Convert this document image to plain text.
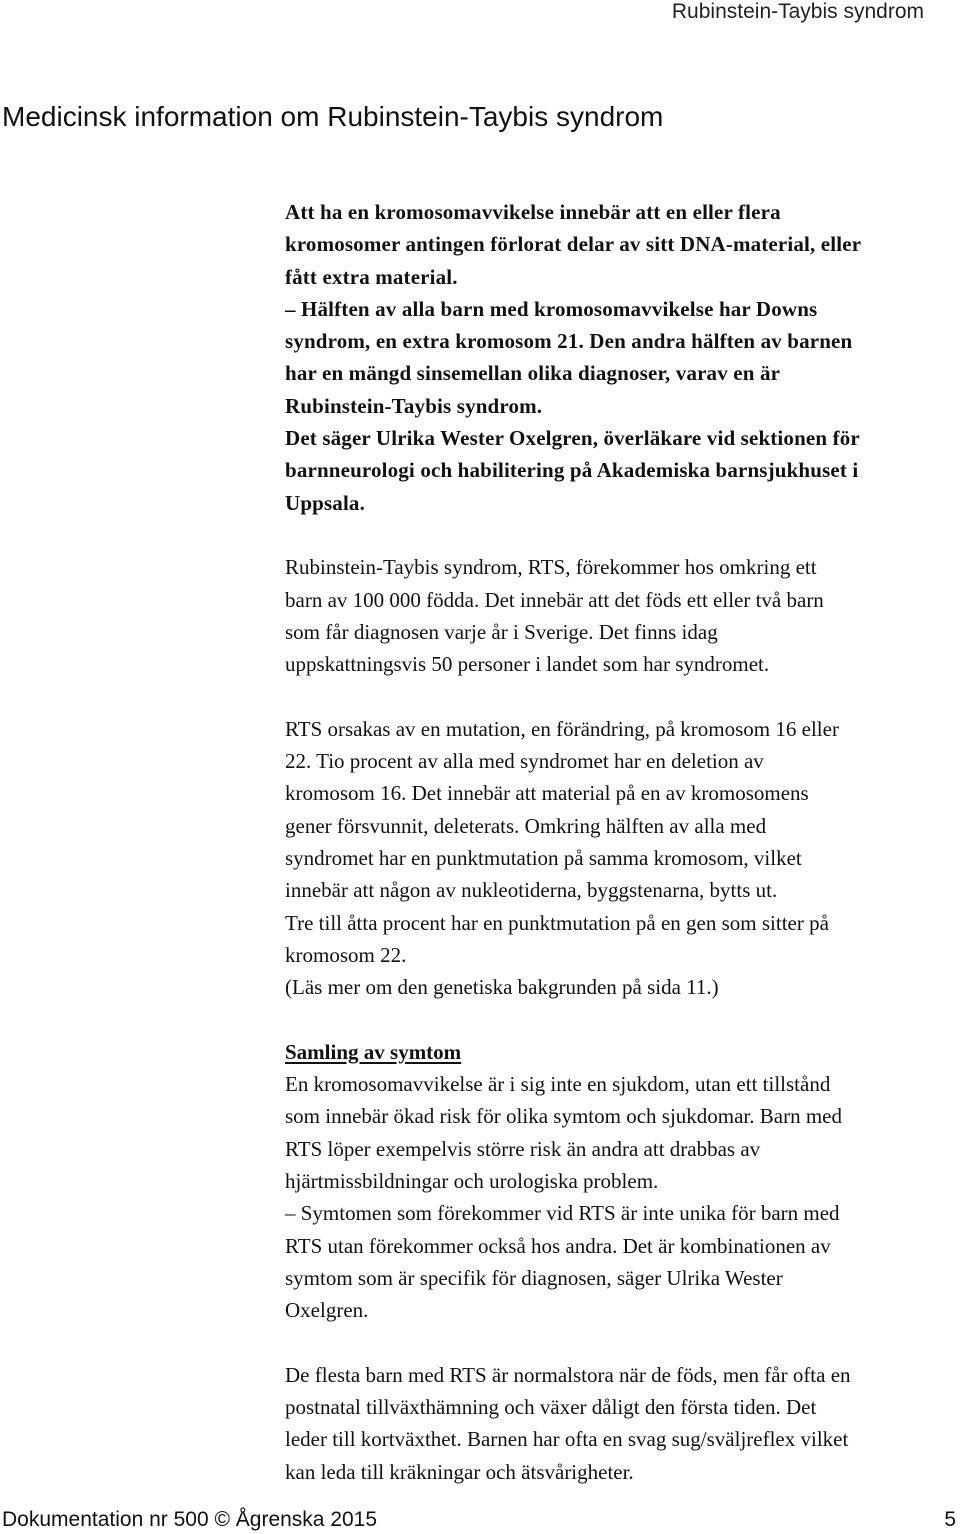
Rubinstein-Taybis syndrom
Medicinsk information om Rubinstein-Taybis syndrom

Att ha en kromosomavvikelse innebär att en eller flera

kromosomer antingen förlorat delar av sitt DNA-material, eller

fått extra material.

– Hälften av alla barn med kromosomavvikelse har Downs

syndrom, en extra kromosom 21. Den andra hälften av barnen

har en mängd sinsemellan olika diagnoser, varav en är

Rubinstein-Taybis syndrom.

Det säger Ulrika Wester Oxelgren, överläkare vid sektionen för

barnneurologi och habilitering på Akademiska barnsjukhuset i

Uppsala.

Rubinstein-Taybis syndrom, RTS, förekommer hos omkring ett

barn av 100 000 födda. Det innebär att det föds ett eller två barn

som får diagnosen varje år i Sverige. Det finns idag

uppskattningsvis 50 personer i landet som har syndromet.

RTS orsakas av en mutation, en förändring, på kromosom 16 eller

22. Tio procent av alla med syndromet har en deletion av

kromosom 16. Det innebär att material på en av kromosomens

gener försvunnit, deleterats. Omkring hälften av alla med

syndromet har en punktmutation på samma kromosom, vilket

innebär att någon av nukleotiderna, byggstenarna, bytts ut.

Tre till åtta procent har en punktmutation på en gen som sitter på

kromosom 22.

(Läs mer om den genetiska bakgrunden på sida 11.)

Samling av symtom

En kromosomavvikelse är i sig inte en sjukdom, utan ett tillstånd

som innebär ökad risk för olika symtom och sjukdomar. Barn med

RTS löper exempelvis större risk än andra att drabbas av

hjärtmissbildningar och urologiska problem.

– Symtomen som förekommer vid RTS är inte unika för barn med

RTS utan förekommer också hos andra. Det är kombinationen av

symtom som är specifik för diagnosen, säger Ulrika Wester

Oxelgren.

De flesta barn med RTS är normalstora när de föds, men får ofta en

postnatal tillväxthämning och växer dåligt den första tiden. Det

leder till kortväxthet. Barnen har ofta en svag sug/sväljreflex vilket

kan leda till kräkningar och ätsvårigheter.

Dokumentation nr 500 © Ågrenska 2015	5
